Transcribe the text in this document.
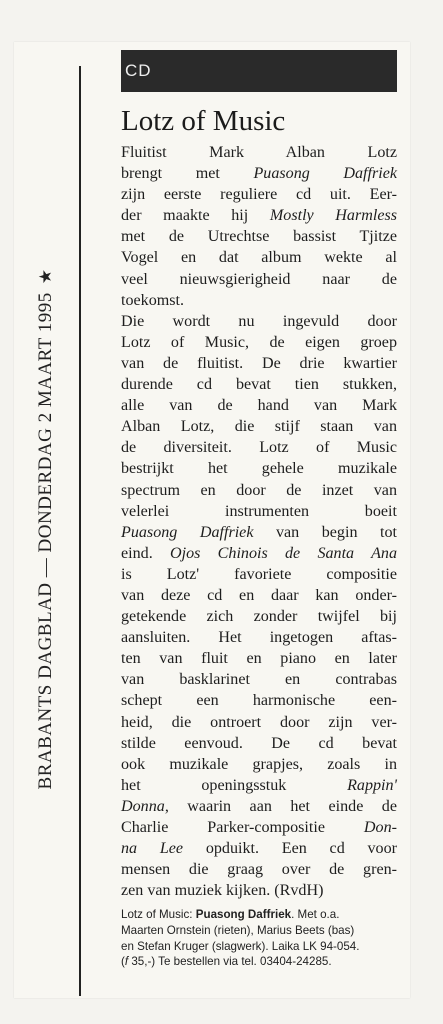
BRABANTS DAGBLAD — DONDERDAG 2 MAART 1995★
CD
Lotz of Music
Fluitist Mark Alban Lotz
brengt met Puasong Daffriek
zijn eerste reguliere cd uit. Eer-
der maakte hij Mostly Harmless
met de Utrechtse bassist Tjitze
Vogel en dat album wekte al
veel nieuwsgierigheid naar de
toekomst.
Die wordt nu ingevuld door
Lotz of Music, de eigen groep
van de fluitist. De drie kwartier
durende cd bevat tien stukken,
alle van de hand van Mark
Alban Lotz, die stijf staan van
de diversiteit. Lotz of Music
bestrijkt het gehele muzikale
spectrum en door de inzet van
velerlei instrumenten boeit
Puasong Daffriek van begin tot
eind. Ojos Chinois de Santa Ana
is Lotz' favoriete compositie
van deze cd en daar kan onder-
getekende zich zonder twijfel bij
aansluiten. Het ingetogen aftas-
ten van fluit en piano en later
van basklarinet en contrabas
schept een harmonische een-
heid, die ontroert door zijn ver-
stilde eenvoud. De cd bevat
ook muzikale grapjes, zoals in
het openingsstuk Rappin'
Donna, waarin aan het einde de
Charlie Parker-compositie Don-
na Lee opduikt. Een cd voor
mensen die graag over de gren-
zen van muziek kijken. (RvdH)
Lotz of Music: Puasong Daffriek. Met o.a.
Maarten Ornstein (rieten), Marius Beets (bas)
en Stefan Kruger (slagwerk). Laika LK 94-054.
(f 35,-) Te bestellen via tel. 03404-24285.
